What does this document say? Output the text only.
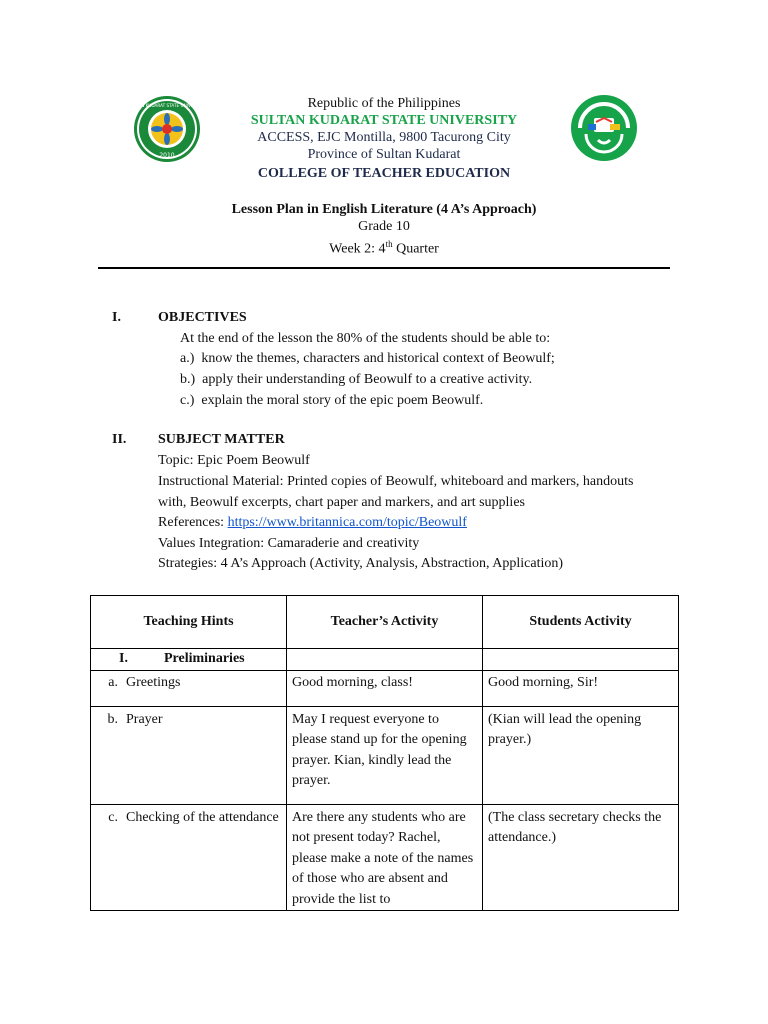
2010
SULTAN KUDARAT STATE UNIVERSITY	Republic of the Philippines
SULTAN KUDARAT STATE UNIVERSITY
ACCESS, EJC Montilla, 9800 Tacurong City
Province of Sultan Kudarat
COLLEGE OF TEACHER EDUCATION
Lesson Plan in English Literature (4 A’s Approach)
Grade 10
Week 2: 4th Quarter
I.	OBJECTIVES
At the end of the lesson the 80% of the students should be able to:
a.) know the themes, characters and historical context of Beowulf;
b.) apply their understanding of Beowulf to a creative activity.
c.) explain the moral story of the epic poem Beowulf.
II. SUBJECT MATTER
Topic: Epic Poem Beowulf
Instructional Material: Printed copies of Beowulf, whiteboard and markers, handouts
with, Beowulf excerpts, chart paper and markers, and art supplies
References: https://www.britannica.com/topic/Beowulf
Values Integration: Camaraderie and creativity
Strategies: 4 A’s Approach (Activity, Analysis, Abstraction, Application)
Teaching Hints	Teacher’s Activity	Students Activity
I. Preliminaries		
a. Greetings	Good morning, class!	Good morning, Sir!
b. Prayer	May I request everyone to please stand up for the opening prayer. Kian, kindly lead the prayer.	(Kian will lead the opening prayer.)

c. Checking of the attendance	Are there any students who are not present today? Rachel, please make a note of the names of those who are absent and provide the list to	(The class secretary checks the attendance.)
